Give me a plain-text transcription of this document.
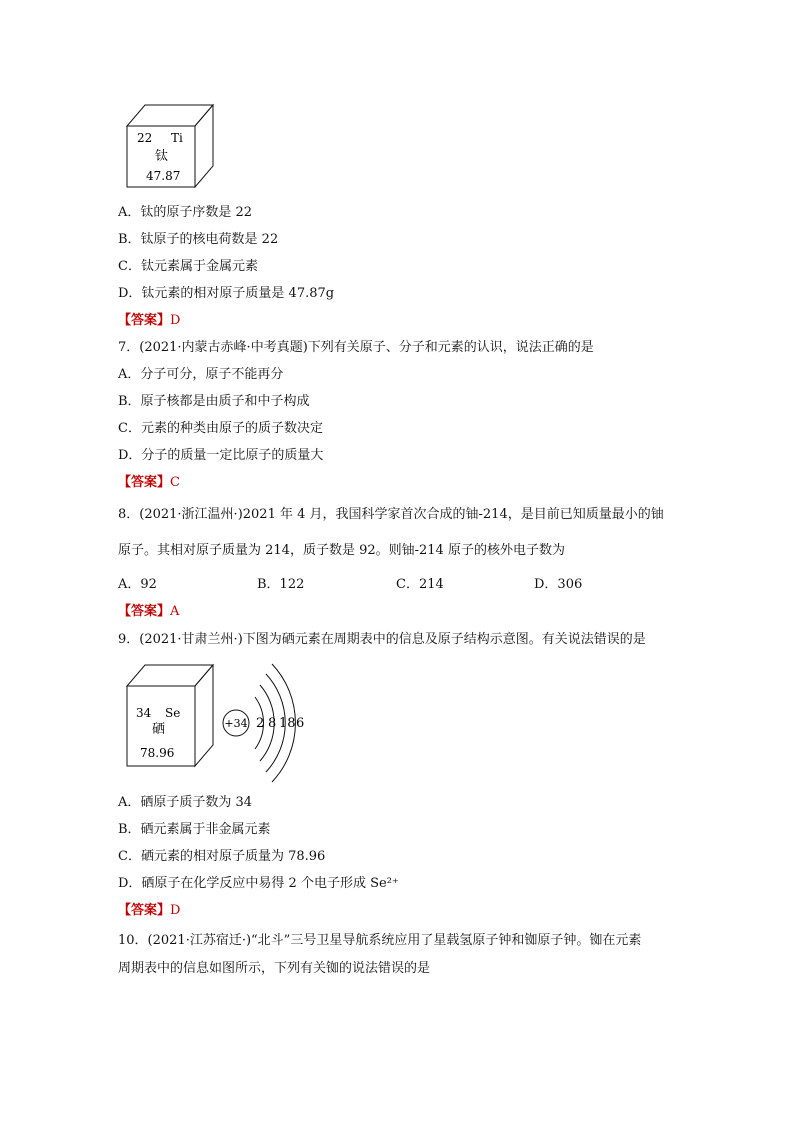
22 Ti
钛
47.87
A．钛的原子序数是 22
B．钛原子的核电荷数是 22
C．钛元素属于金属元素
D．钛元素的相对原子质量是 47.87g
【答案】D
7．(2021·内蒙古赤峰·中考真题)下列有关原子、分子和元素的认识，说法正确的是
A．分子可分，原子不能再分
B．原子核都是由质子和中子构成
C．元素的种类由原子的质子数决定
D．分子的质量一定比原子的质量大
【答案】C
8．(2021·浙江温州·)2021 年 4 月，我国科学家首次合成的铀-214，是目前已知质量最小的铀
原子。其相对原子质量为 214，质子数是 92。则铀-214 原子的核外电子数为
A．92	B．122	C．214	D．306
【答案】A
9．(2021·甘肃兰州·)下图为硒元素在周期表中的信息及原子结构示意图。有关说法错误的是
34 Se
硒
78.96
+34 2 8 18 6
A．硒原子质子数为 34
B．硒元素属于非金属元素
C．硒元素的相对原子质量为 78.96
D．硒原子在化学反应中易得 2 个电子形成 Se²⁺
【答案】D
10．(2021·江苏宿迁·)“北斗”三号卫星导航系统应用了星载氢原子钟和铷原子钟。铷在元素
周期表中的信息如图所示，下列有关铷的说法错误的是
